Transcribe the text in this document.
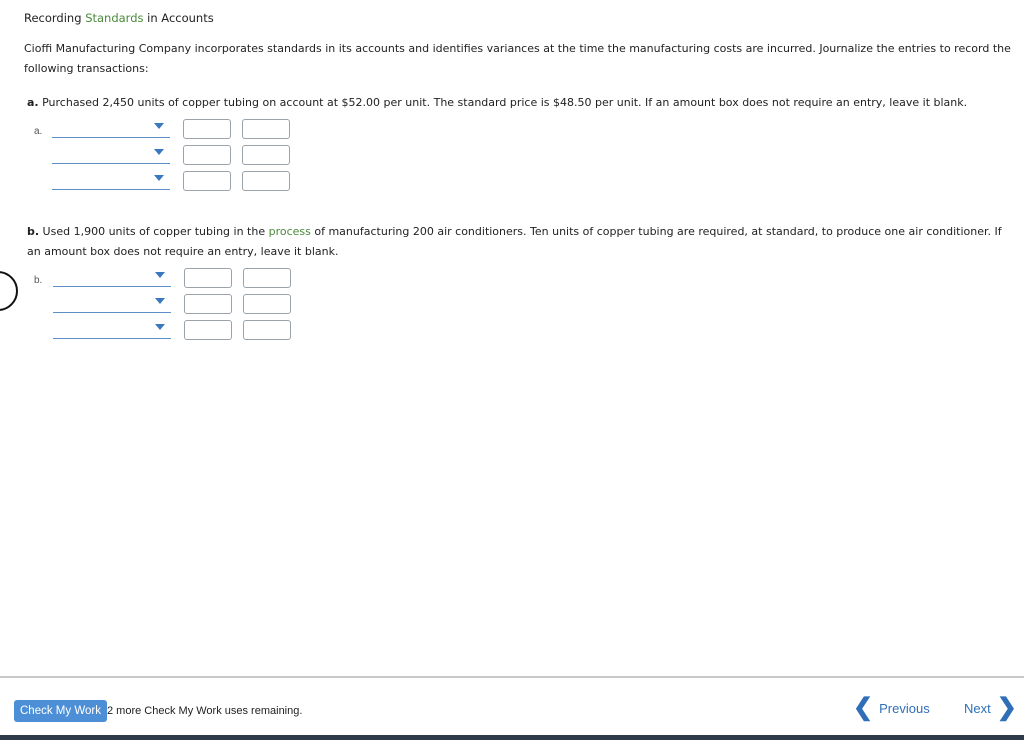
Recording Standards in Accounts
Cioffi Manufacturing Company incorporates standards in its accounts and identifies variances at the time the manufacturing costs are incurred. Journalize the entries to record the following transactions:
a. Purchased 2,450 units of copper tubing on account at $52.00 per unit. The standard price is $48.50 per unit. If an amount box does not require an entry, leave it blank.
a.
b. Used 1,900 units of copper tubing in the process of manufacturing 200 air conditioners. Ten units of copper tubing are required, at standard, to produce one air conditioner. If an amount box does not require an entry, leave it blank.
b.
Check My Work 2 more Check My Work uses remaining.	❮ Previous	Next ❯
